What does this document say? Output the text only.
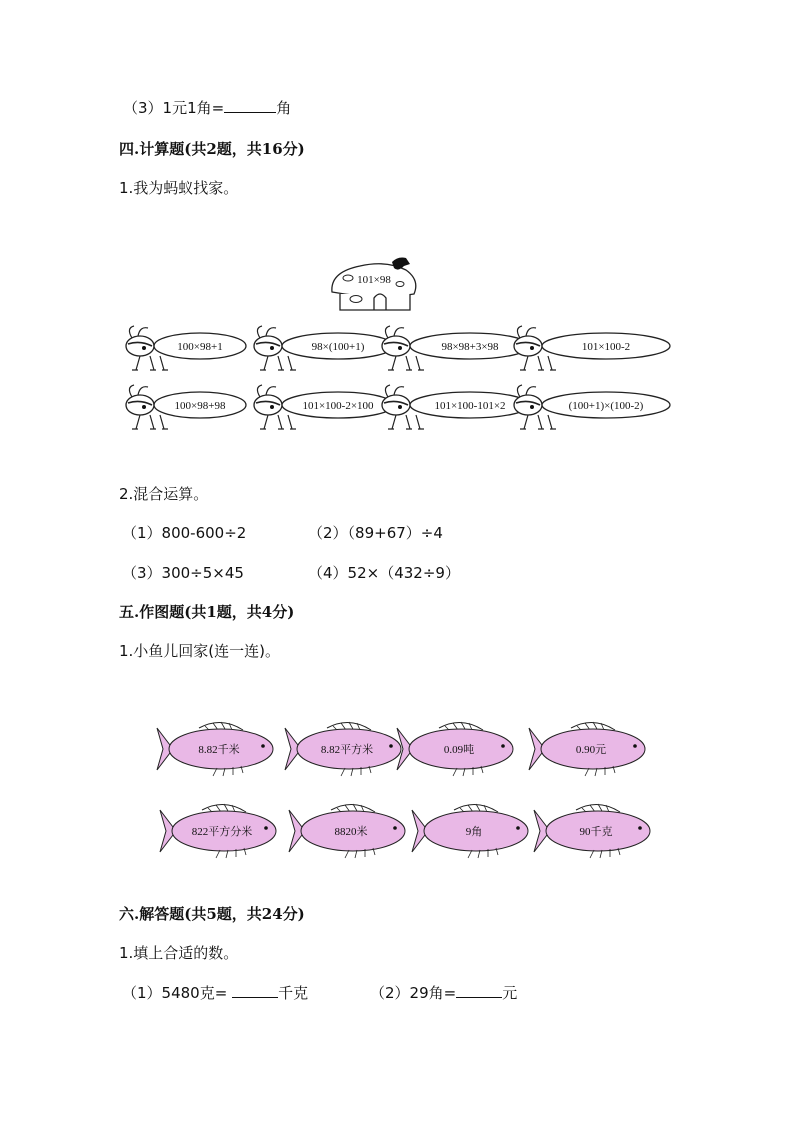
（3）1元1角=	角
四.计算题(共2题，共16分)
1.我为蚂蚁找家。
101×98
100×98+1	98×(100+1)	98×98+3×98	101×100-2
100×98+98	101×100-2×100	101×100-101×2	(100+1)×(100-2)
2.混合运算。
（1）800-600÷2	（2）（89+67）÷4
（3）300÷5×45	（4）52×（432÷9）
五.作图题(共1题，共4分)
1.小鱼儿回家(连一连)。
8.82千米	8.82平方米	0.09吨	0.90元
822平方分米	8820米	9角	90千克
六.解答题(共5题，共24分)
1.填上合适的数。
（1）5480克=	千克	（2）29角=	元
